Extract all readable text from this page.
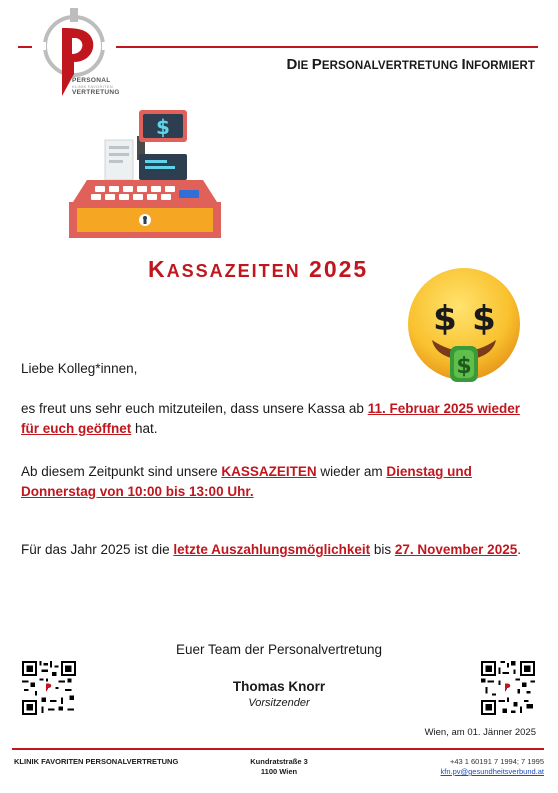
PERSONAL
KLINIK FAVORITEN
VERTRETUNG
DIE PERSONALVERTRETUNG INFORMIERT
$
KASSAZEITEN 2025
$ $
$
Liebe Kolleg*innen,
es freut uns sehr euch mitzuteilen, dass unsere Kassa ab 11. Februar 2025 wieder für euch geöffnet hat.
Ab diesem Zeitpunkt sind unsere KASSAZEITEN wieder am Dienstag und Donnerstag von 10:00 bis 13:00 Uhr.
Für das Jahr 2025 ist die letzte Auszahlungsmöglichkeit bis 27. November 2025.
Euer Team der Personalvertretung
Thomas Knorr
Vorsitzender
Wien, am 01. Jänner 2025
KLINIK FAVORITEN PERSONALVERTRETUNG	Kundratstraße 3
1100 Wien
+43 1 60191 7 1994; 7 1995
kfn.pv@gesundheitsverbund.at
